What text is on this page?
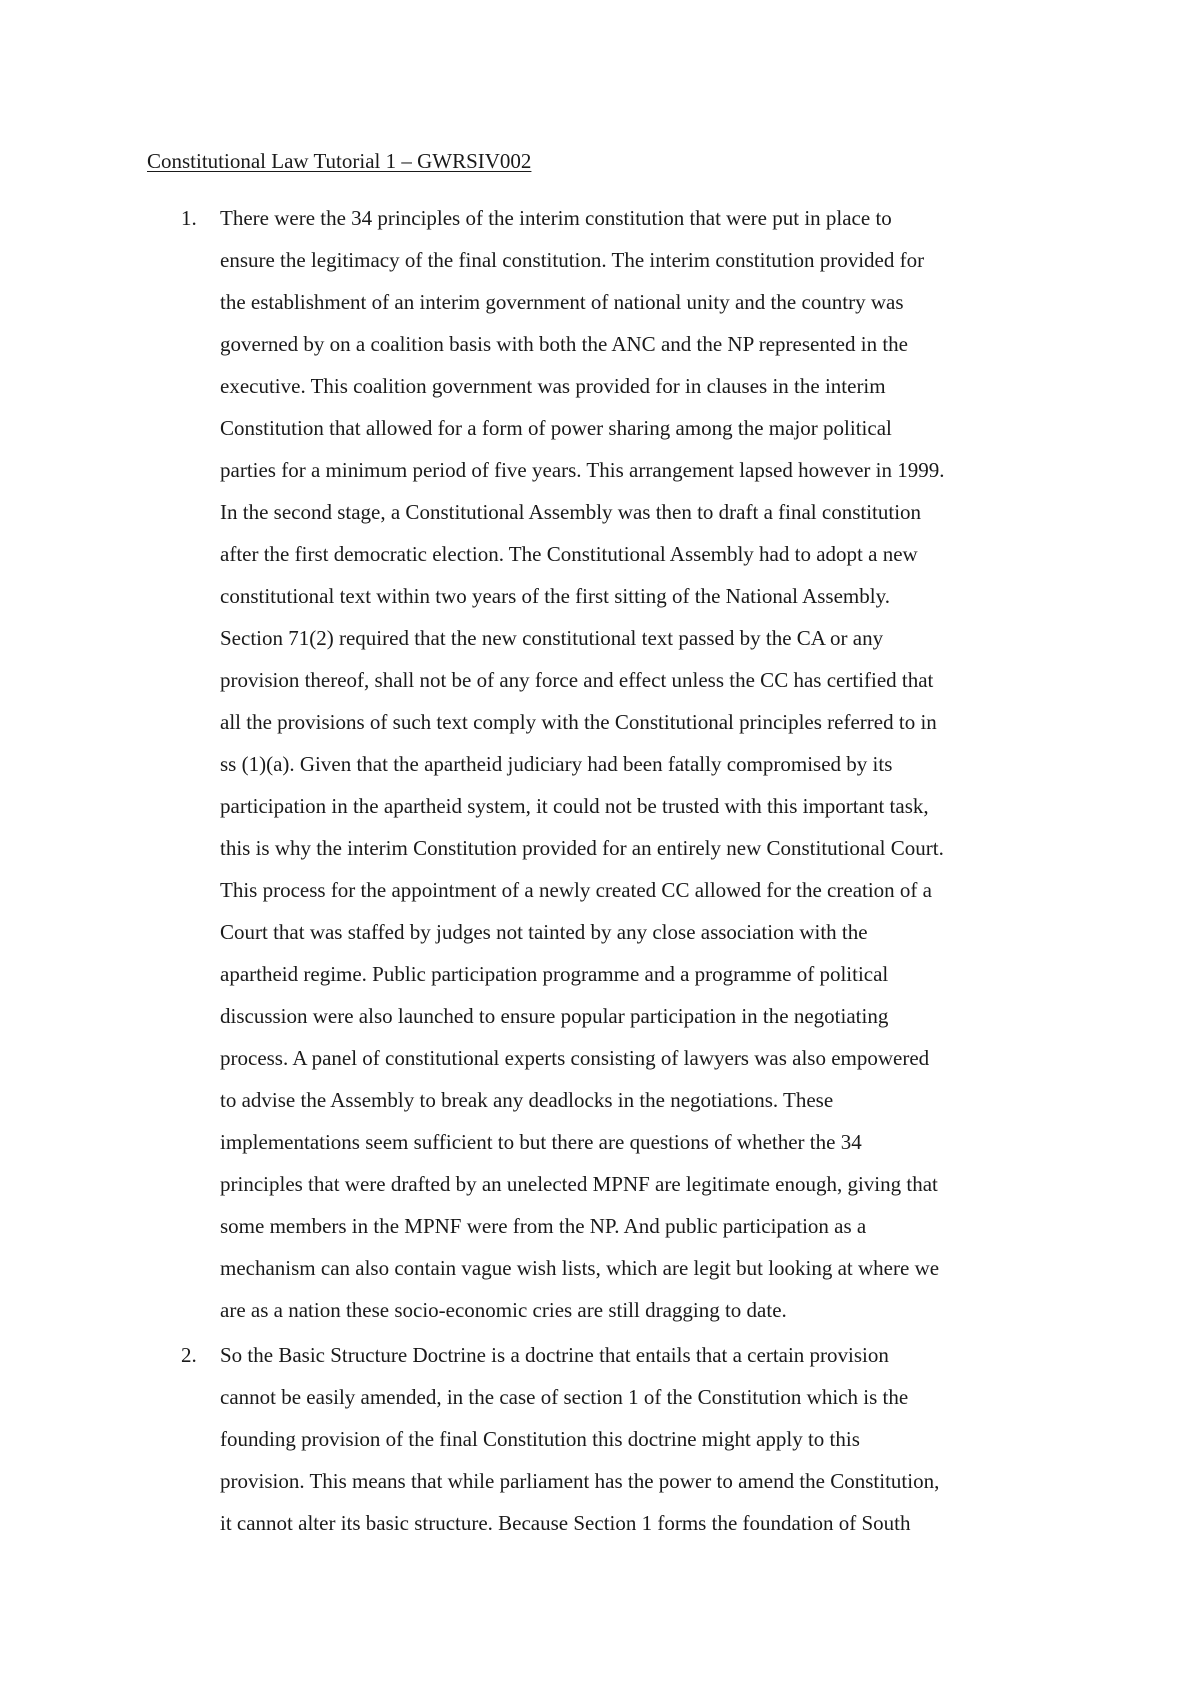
Constitutional Law Tutorial 1 – GWRSIV002
1. There were the 34 principles of the interim constitution that were put in place to
ensure the legitimacy of the final constitution. The interim constitution provided for
the establishment of an interim government of national unity and the country was
governed by on a coalition basis with both the ANC and the NP represented in the
executive. This coalition government was provided for in clauses in the interim
Constitution that allowed for a form of power sharing among the major political
parties for a minimum period of five years. This arrangement lapsed however in 1999.
In the second stage, a Constitutional Assembly was then to draft a final constitution
after the first democratic election. The Constitutional Assembly had to adopt a new
constitutional text within two years of the first sitting of the National Assembly.
Section 71(2) required that the new constitutional text passed by the CA or any
provision thereof, shall not be of any force and effect unless the CC has certified that
all the provisions of such text comply with the Constitutional principles referred to in
ss (1)(a). Given that the apartheid judiciary had been fatally compromised by its
participation in the apartheid system, it could not be trusted with this important task,
this is why the interim Constitution provided for an entirely new Constitutional Court.
This process for the appointment of a newly created CC allowed for the creation of a
Court that was staffed by judges not tainted by any close association with the
apartheid regime. Public participation programme and a programme of political
discussion were also launched to ensure popular participation in the negotiating
process. A panel of constitutional experts consisting of lawyers was also empowered
to advise the Assembly to break any deadlocks in the negotiations. These
implementations seem sufficient to but there are questions of whether the 34
principles that were drafted by an unelected MPNF are legitimate enough, giving that
some members in the MPNF were from the NP. And public participation as a
mechanism can also contain vague wish lists, which are legit but looking at where we
are as a nation these socio-economic cries are still dragging to date.
2. So the Basic Structure Doctrine is a doctrine that entails that a certain provision
cannot be easily amended, in the case of section 1 of the Constitution which is the
founding provision of the final Constitution this doctrine might apply to this
provision. This means that while parliament has the power to amend the Constitution,
it cannot alter its basic structure. Because Section 1 forms the foundation of South
